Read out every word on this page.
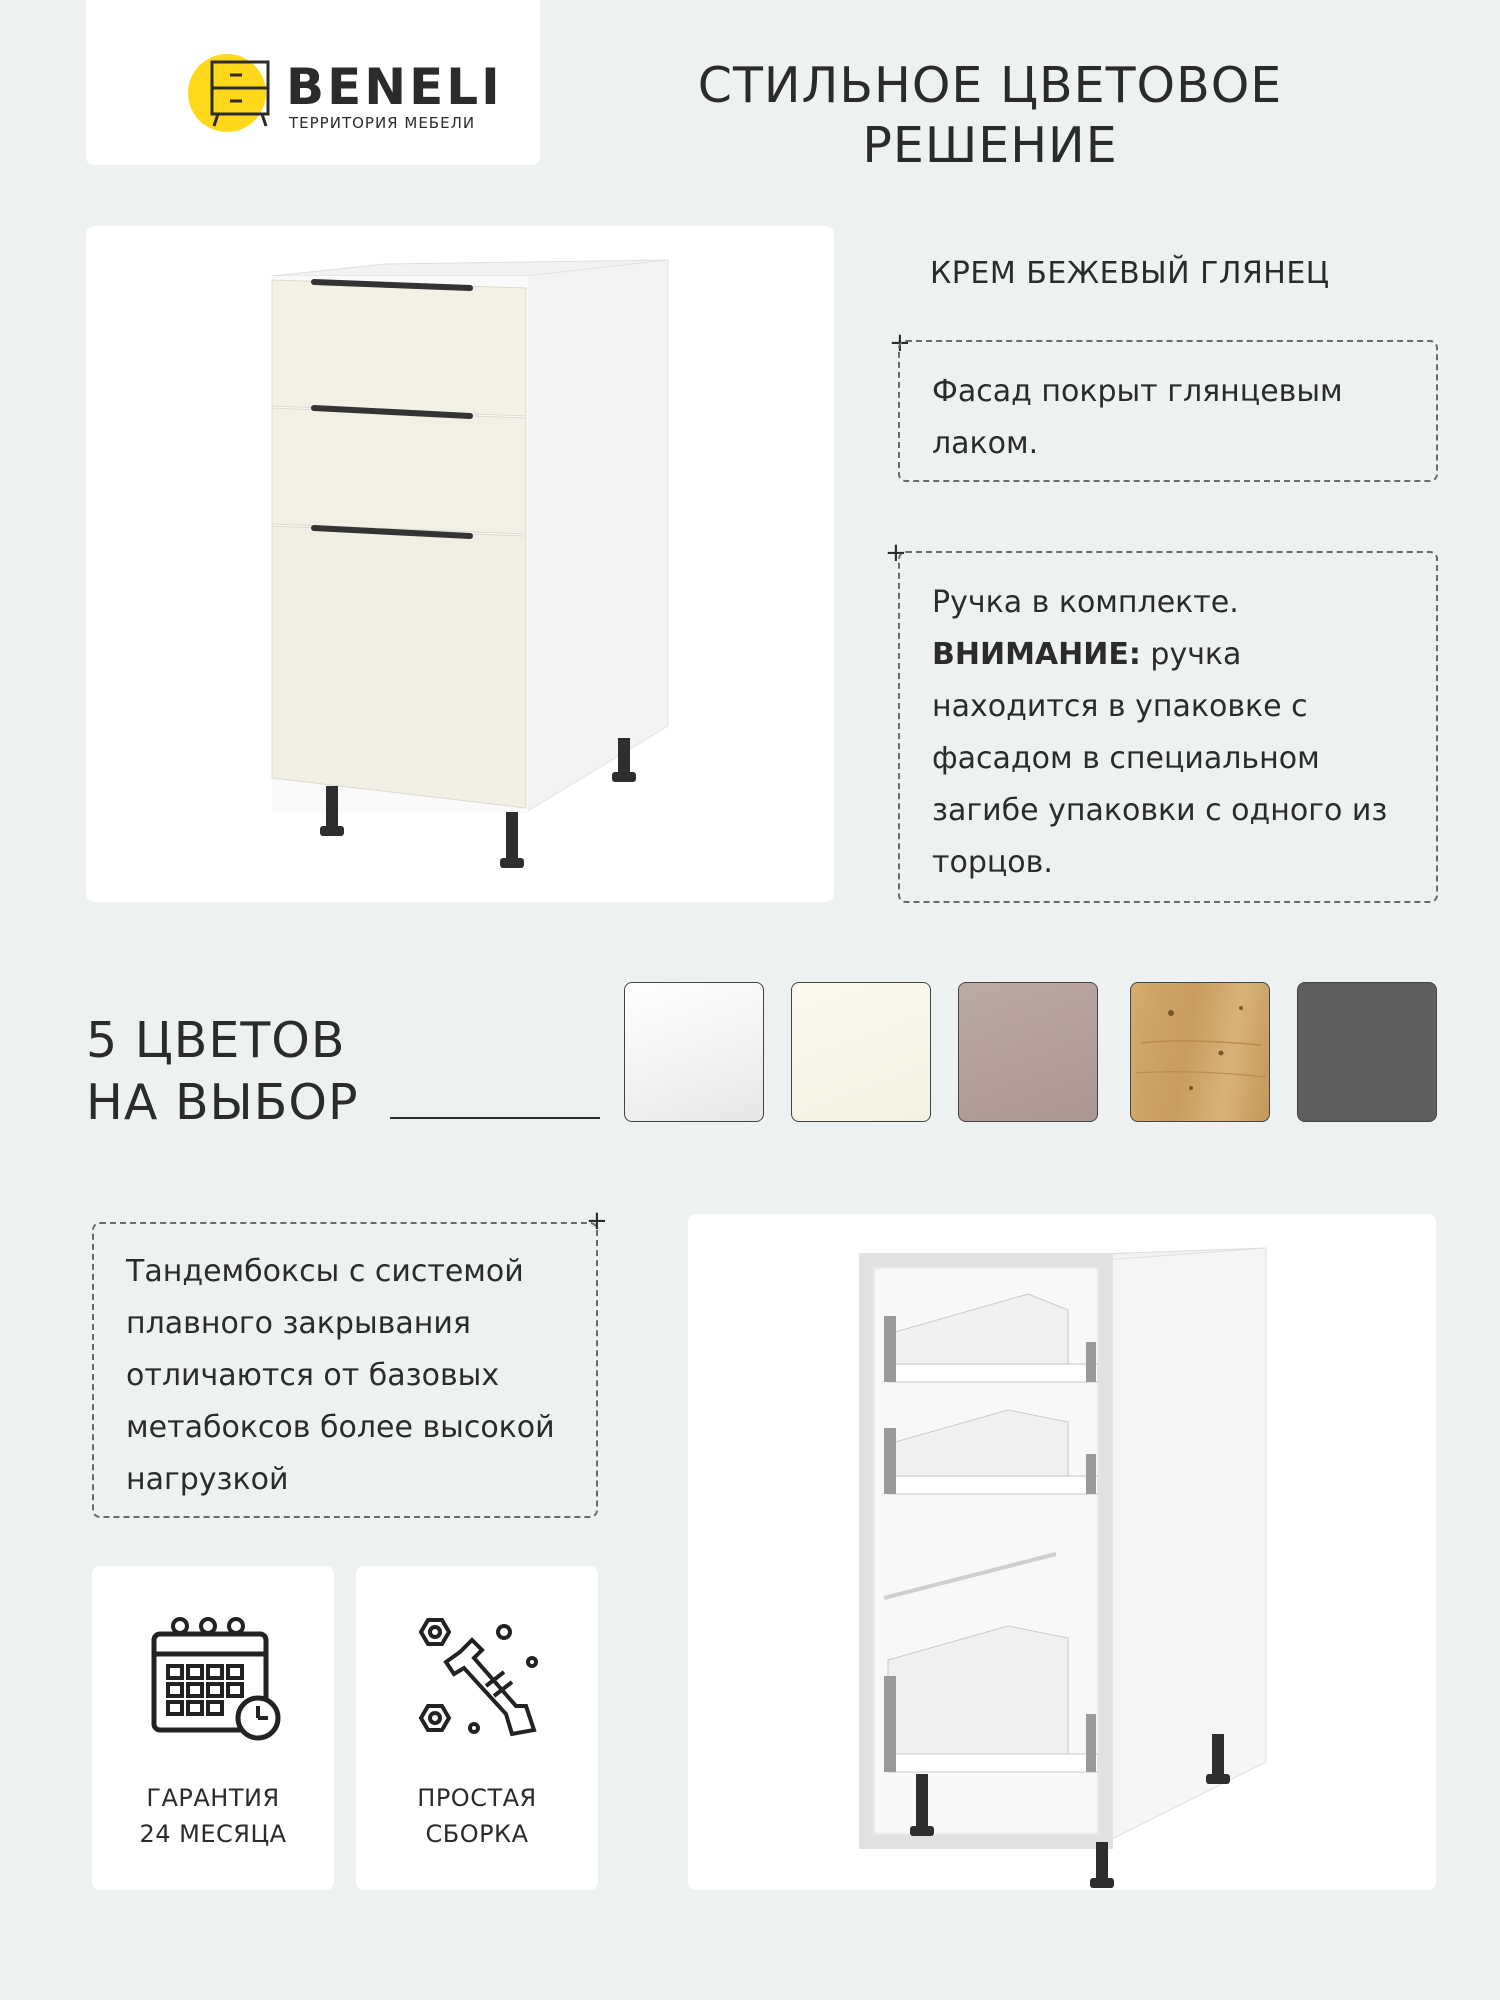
BENELI
ТЕРРИТОРИЯ МЕБЕЛИ
СТИЛЬНОЕ ЦВЕТОВОЕ
РЕШЕНИЕ
КРЕМ БЕЖЕВЫЙ ГЛЯНЕЦ
+
Фасад покрыт глянцевым лаком.
+
Ручка в комплекте.
ВНИМАНИЕ: ручка находится в упаковке с фасадом в специальном загибе упаковки с одного из торцов.
5 ЦВЕТОВ
НА ВЫБОР
Тандембоксы с системой плавного закрывания отличаются от базовых метабоксов более высокой нагрузкой
+
ГАРАНТИЯ
24 МЕСЯЦА
ПРОСТАЯ
СБОРКА
